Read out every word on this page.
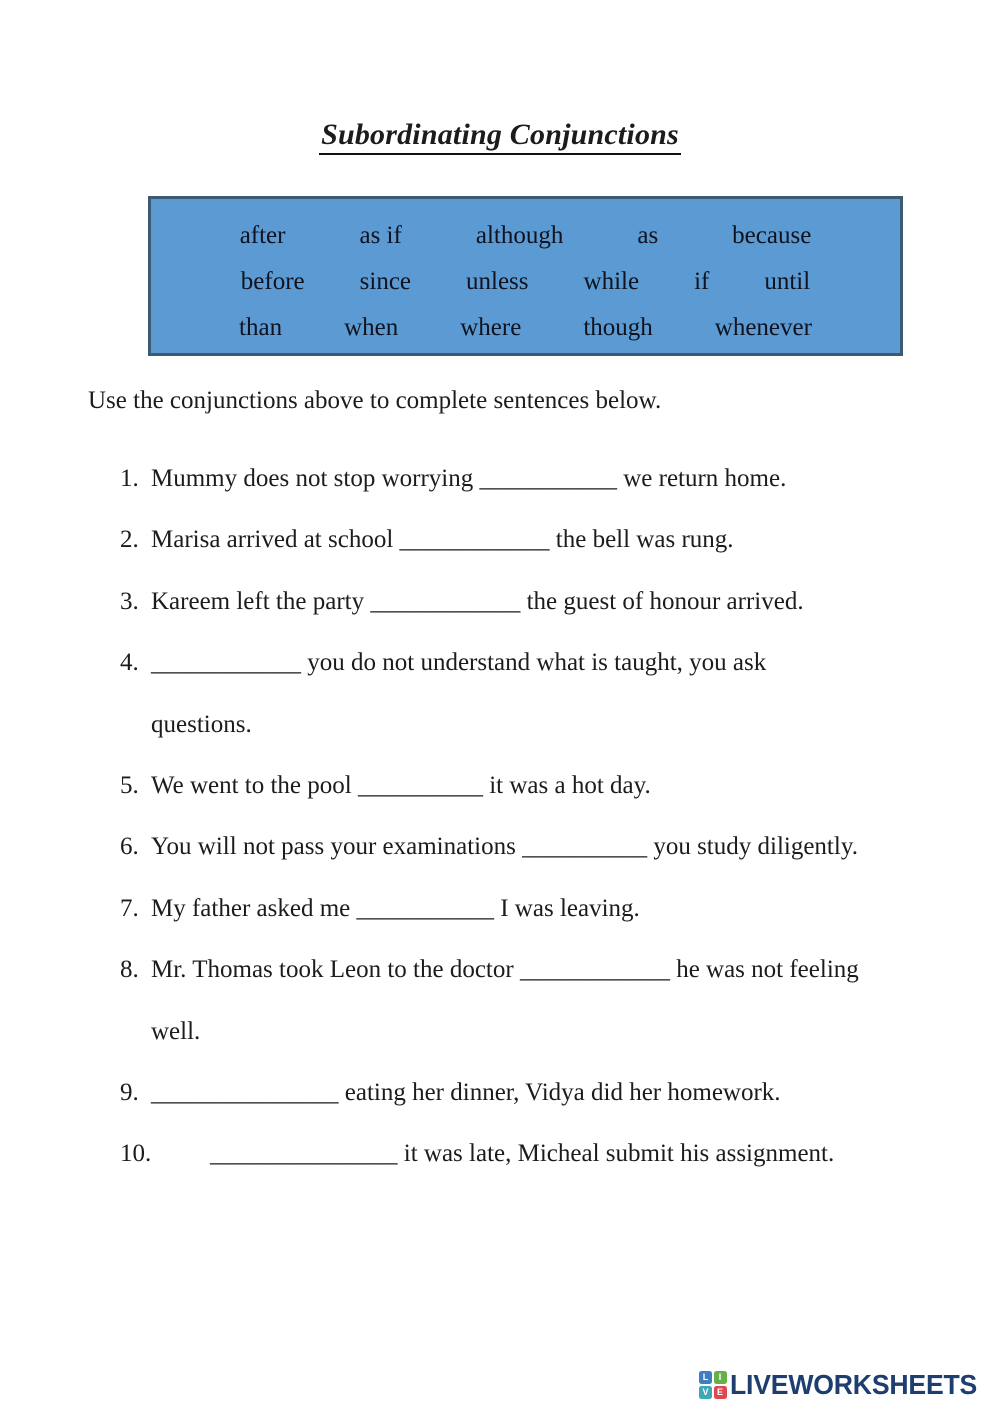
Subordinating Conjunctions
after	as if	although	as	because
before since unless while if until
than when where though whenever
Use the conjunctions above to complete sentences below.
1. Mummy does not stop worrying ___________ we return home.
2. Marisa arrived at school ____________ the bell was rung.
3. Kareem left the party ____________ the guest of honour arrived.
4. ____________ you do not understand what is taught, you ask
questions.
5. We went to the pool __________ it was a hot day.
6. You will not pass your examinations __________ you study diligently.
7. My father asked me ___________ I was leaving.
8. Mr. Thomas took Leon to the doctor ____________ he was not feeling
well.
9. _______________ eating her dinner, Vidya did her homework.
10. _______________ it was late, Micheal submit his assignment.
L	I
V E LIVEWORKSHEETS
